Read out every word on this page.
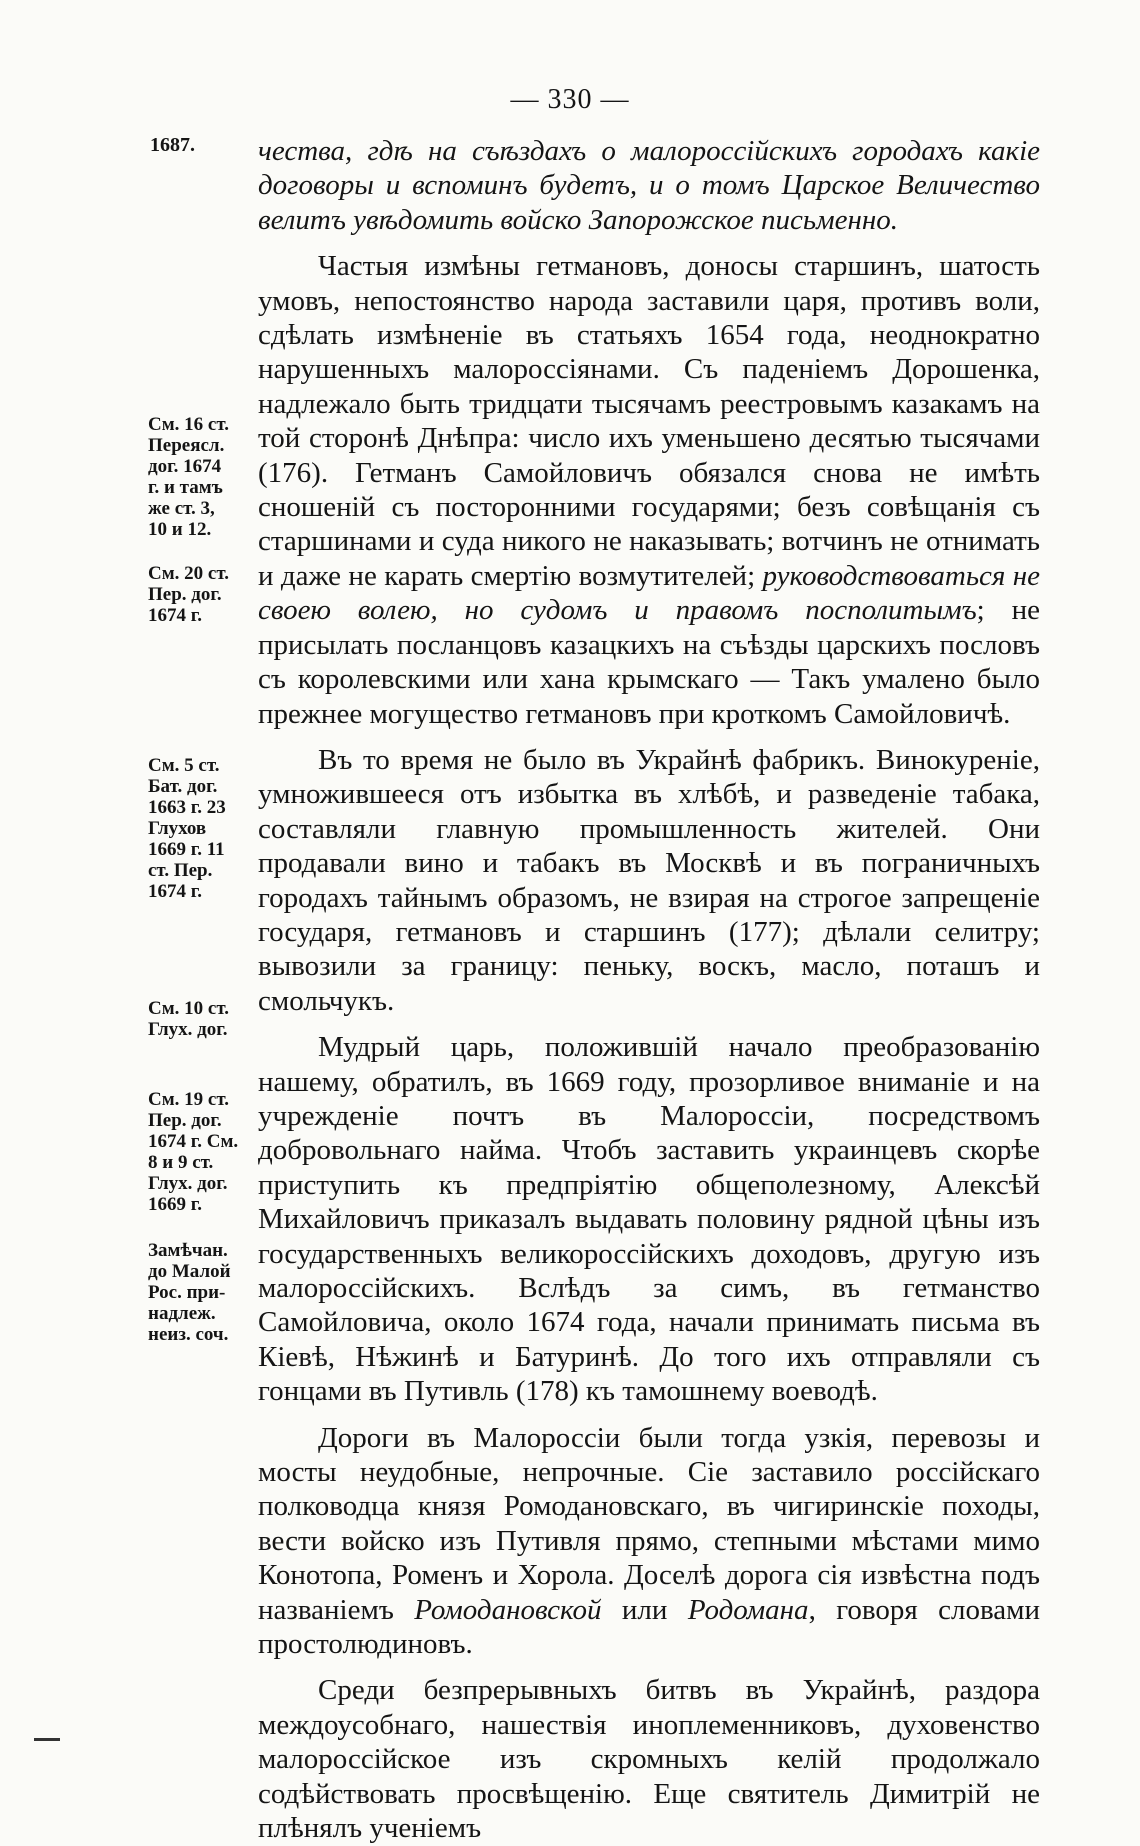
— 330 —
1687. чества, гдѣ на съѣздахъ о малороссійскихъ городахъ какіе договоры и вспоминъ будетъ, и о томъ Царское Величество велитъ увѣдомить войско Запорожское письменно.

Частыя измѣны гетмановъ, доносы старшинъ, шатость умовъ, непостоянство народа заставили царя, противъ воли, сдѣлать измѣненіе въ статьяхъ 1654 года, неоднократно нарушенныхъ малороссіянами. Съ паденіемъ Дорошенка, надлежало быть тридцати тысячамъ реестровымъ казакамъ на той сторонѣ Днѣпра: число ихъ уменьшено десятью тысячами (176). Гетманъ Самойловичъ обязался снова не имѣть сношеній съ посторонними государями; безъ совѣщанія съ старшинами и суда никого не наказывать; вотчинъ не отнимать и даже не карать смертію возмутителей; руководствоваться не своею волею, но судомъ и правомъ посполитымъ; не присылать посланцовъ казацкихъ на съѣзды царскихъ пословъ съ королевскими или хана крымскаго — Такъ умалено было прежнее могущество гетмановъ при кроткомъ Самойловичѣ.

Въ то время не было въ Украйнѣ фабрикъ. Винокуреніе, умножившееся отъ избытка въ хлѣбѣ, и разведеніе табака, составляли главную промышленность жителей. Они продавали вино и табакъ въ Москвѣ и въ пограничныхъ городахъ тайнымъ образомъ, не взирая на строгое запрещеніе государя, гетмановъ и старшинъ (177); дѣлали селитру; вывозили за границу: пеньку, воскъ, масло, поташъ и смольчукъ.

Мудрый царь, положившій начало преобразованію нашему, обратилъ, въ 1669 году, прозорливое вниманіе и на учрежденіе почтъ въ Малороссіи, посредствомъ добровольнаго найма. Чтобъ заставить украинцевъ скорѣе приступить къ предпріятію общеполезному, Алексѣй Михайловичъ приказалъ выдавать половину рядной цѣны изъ государственныхъ великороссійскихъ доходовъ, другую изъ малороссійскихъ. Вслѣдъ за симъ, въ гетманство Самойловича, около 1674 года, начали принимать письма въ Кіевѣ, Нѣжинѣ и Батуринѣ. До того ихъ отправляли съ гонцами въ Путивль (178) къ тамошнему воеводѣ.

Дороги въ Малороссіи были тогда узкія, перевозы и мосты неудобные, непрочные. Сіе заставило россійскаго полководца князя Ромодановскаго, въ чигиринскіе походы, вести войско изъ Путивля прямо, степными мѣстами мимо Конотопа, Роменъ и Хорола. Доселѣ дорога сія извѣстна подъ названіемъ Ромодановской или Родомана, говоря словами простолюдиновъ.

Среди безпрерывныхъ битвъ въ Украйнѣ, раздора междоусобнаго, нашествія иноплеменниковъ, духовенство малороссійское изъ скромныхъ келій продолжало содѣйствовать просвѣщенію. Еще святитель Димитрій не плѣнялъ ученіемъ

См. 16 ст.
Переясл.
дог. 1674
г. и тамъ
же ст. 3,
10 и 12.
См. 20 ст.
Пер. дог.
1674 г.
См. 5 ст.
Бат. дог.
1663 г. 23
Глухов
1669 г. 11
ст. Пер.
1674 г.
См. 10 ст.
Глух. дог.
См. 19 ст.
Пер. дог.
1674 г. См.
8 и 9 ст.
Глух. дог.
1669 г.
Замѣчан.
до Малой
Рос. при-
надлеж.
неиз. соч.
